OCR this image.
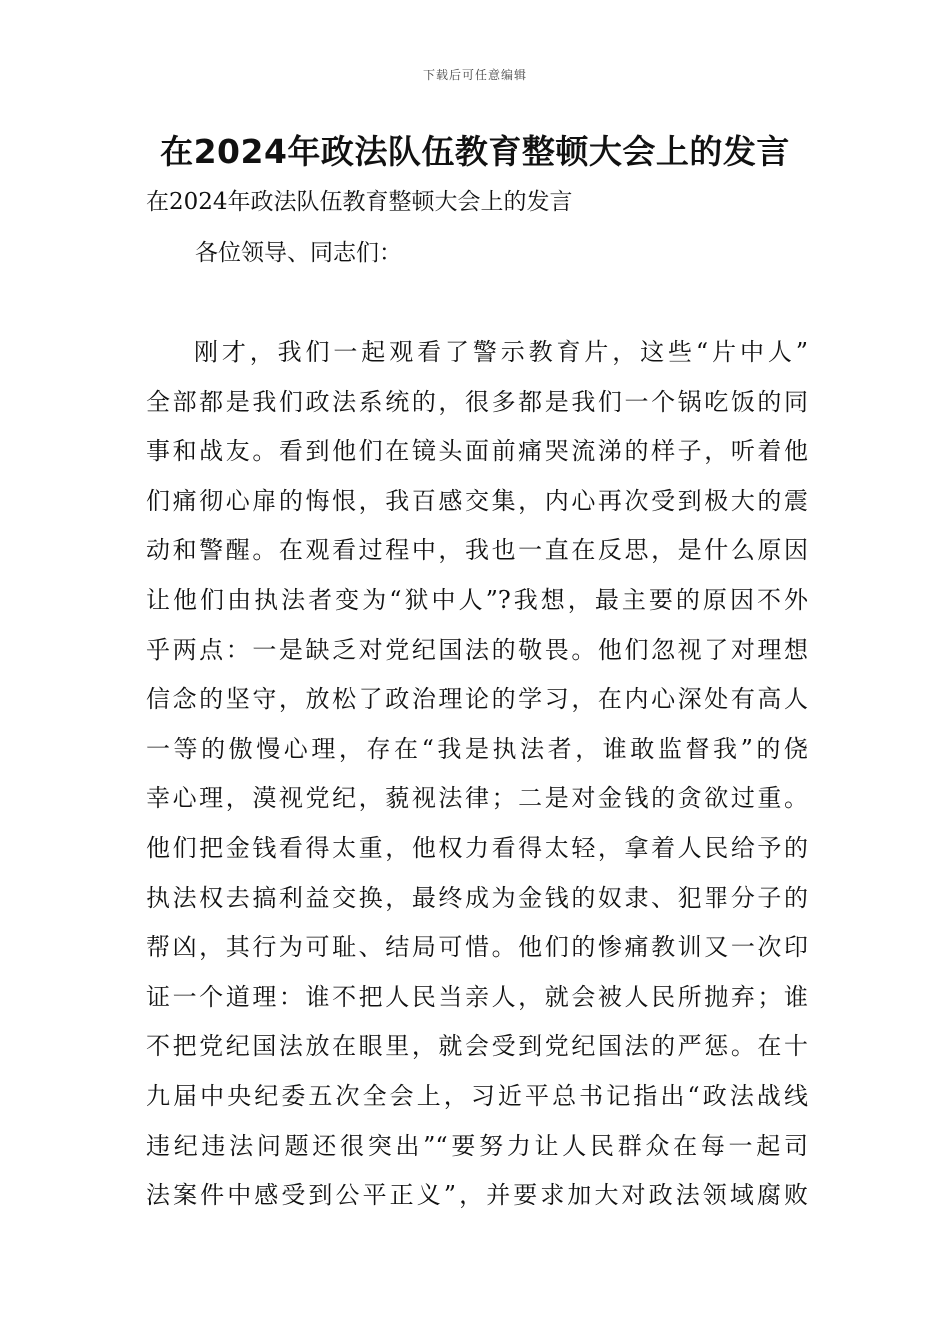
下载后可任意编辑
在2024年政法队伍教育整顿大会上的发言

在2024年政法队伍教育整顿大会上的发言

各位领导、同志们：

刚才，我们一起观看了警示教育片，这些“片中人”
全部都是我们政法系统的，很多都是我们一个锅吃饭的同
事和战友。看到他们在镜头面前痛哭流涕的样子，听着他
们痛彻心扉的悔恨，我百感交集，内心再次受到极大的震
动和警醒。在观看过程中，我也一直在反思，是什么原因
让他们由执法者变为“狱中人”?我想，最主要的原因不外
乎两点：一是缺乏对党纪国法的敬畏。他们忽视了对理想
信念的坚守，放松了政治理论的学习，在内心深处有高人
一等的傲慢心理，存在“我是执法者，谁敢监督我”的侥
幸心理，漠视党纪，藐视法律；二是对金钱的贪欲过重。
他们把金钱看得太重，他权力看得太轻，拿着人民给予的
执法权去搞利益交换，最终成为金钱的奴隶、犯罪分子的
帮凶，其行为可耻、结局可惜。他们的惨痛教训又一次印
证一个道理：谁不把人民当亲人，就会被人民所抛弃；谁
不把党纪国法放在眼里，就会受到党纪国法的严惩。在十
九届中央纪委五次全会上，习近平总书记指出“政法战线
违纪违法问题还很突出”“要努力让人民群众在每一起司
法案件中感受到公平正义”，并要求加大对政法领域腐败
